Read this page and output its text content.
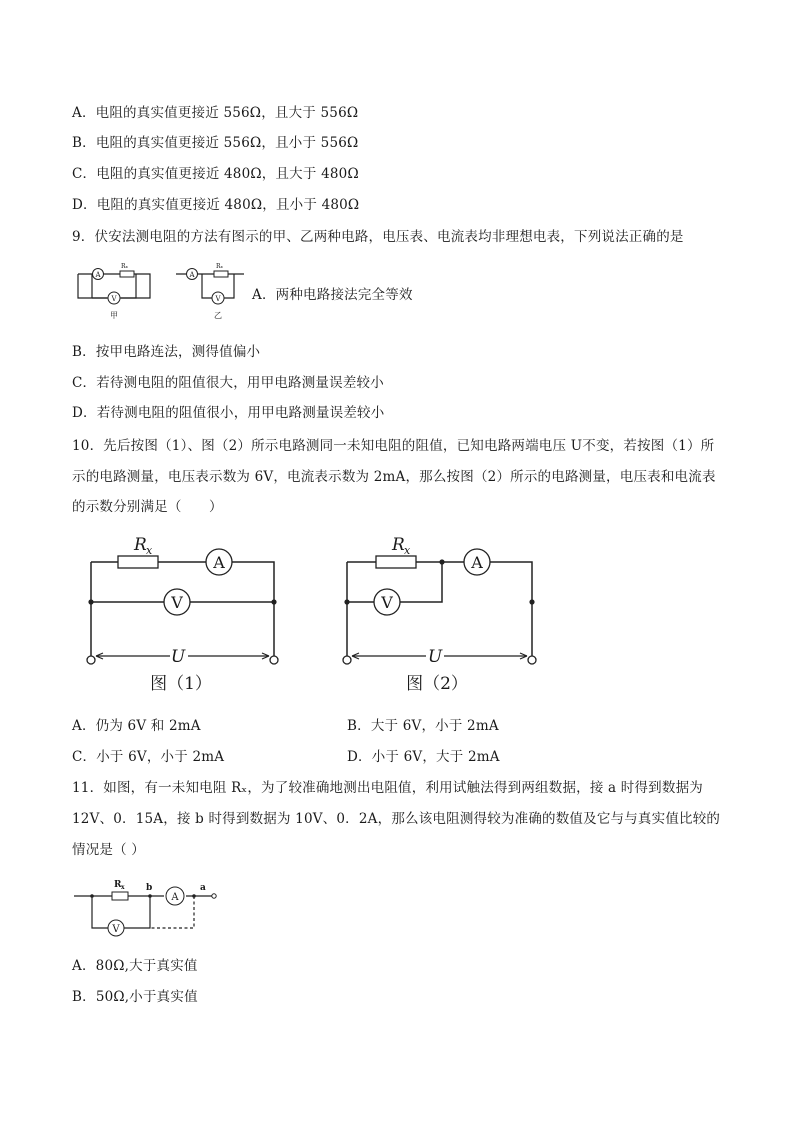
A．电阻的真实值更接近 556Ω，且大于 556Ω
B．电阻的真实值更接近 556Ω，且小于 556Ω
C．电阻的真实值更接近 480Ω，且大于 480Ω
D．电阻的真实值更接近 480Ω，且小于 480Ω
9．伏安法测电阻的方法有图示的甲、乙两种电路，电压表、电流表均非理想电表，下列说法正确的是
A
Rₓ
V
甲
A
Rₓ
V
乙
A．两种电路接法完全等效
B．按甲电路连法，测得值偏小
C．若待测电阻的阻值很大，用甲电路测量误差较小
D．若待测电阻的阻值很小，用甲电路测量误差较小
10．先后按图（1）、图（2）所示电路测同一未知电阻的阻值，已知电路两端电压 U不变，若按图（1）所
示的电路测量，电压表示数为 6V，电流表示数为 2mA，那么按图（2）所示的电路测量，电压表和电流表
的示数分别满足（　　）
R x
A
V
U
图（1）
R x
A
V
U
图（2）
A．仍为 6V 和 2mA	B．大于 6V，小于 2mA
C．小于 6V，小于 2mA	D．小于 6V，大于 2mA
11．如图，有一未知电阻 Rₓ，为了较准确地测出电阻值，利用试触法得到两组数据，接 a 时得到数据为
12V、0．15A，接 b 时得到数据为 10V、0．2A，那么该电阻测得较为准确的数值及它与与真实值比较的
情况是（ ）
R x b
A
a
V
A．80Ω,大于真实值
B．50Ω,小于真实值
